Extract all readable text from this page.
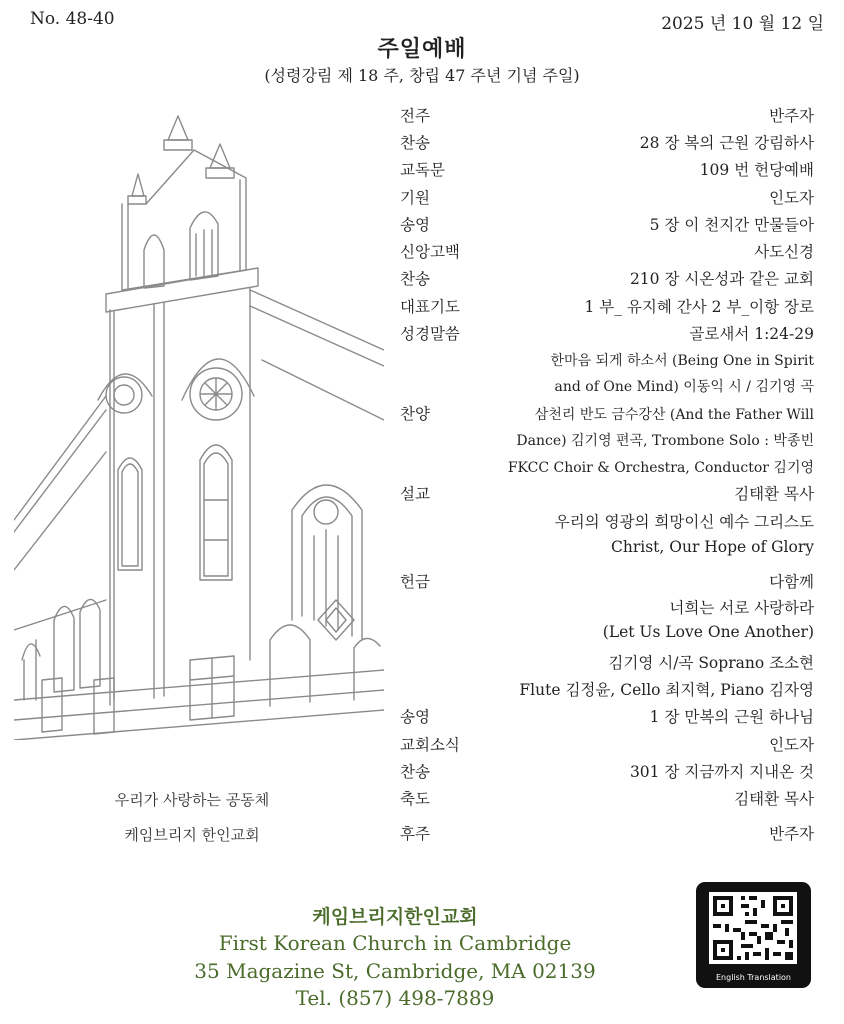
No. 48-40	2025 년 10 월 12 일
주일예배
(성령강림 제 18 주, 창립 47 주년 기념 주일)
우리가 사랑하는 공동체
케임브리지 한인교회
전주	반주자
찬송	28 장 복의 근원 강림하사
교독문	109 번 헌당예배
기원	인도자
송영	5 장 이 천지간 만물들아
신앙고백	사도신경
찬송	210 장 시온성과 같은 교회
대표기도	1 부_ 유지혜 간사 2 부_이항 장로
성경말씀	골로새서 1:24-29
한마음 되게 하소서 (Being One in Spirit
and of One Mind) 이동익 시 / 김기영 곡
찬양	삼천리 반도 금수강산 (And the Father Will
Dance) 김기영 편곡, Trombone Solo : 박종빈
FKCC Choir & Orchestra, Conductor 김기영
설교	김태환 목사
우리의 영광의 희망이신 예수 그리스도
Christ, Our Hope of Glory
헌금	다함께
너희는 서로 사랑하라
(Let Us Love One Another)
김기영 시/곡 Soprano 조소현
Flute 김정윤, Cello 최지혁, Piano 김자영
송영	1 장 만복의 근원 하나님
교회소식	인도자
찬송	301 장 지금까지 지내온 것
축도	김태환 목사
후주	반주자
케임브리지한인교회
First Korean Church in Cambridge
35 Magazine St, Cambridge, MA 02139
Tel. (857) 498-7889
English Translation
